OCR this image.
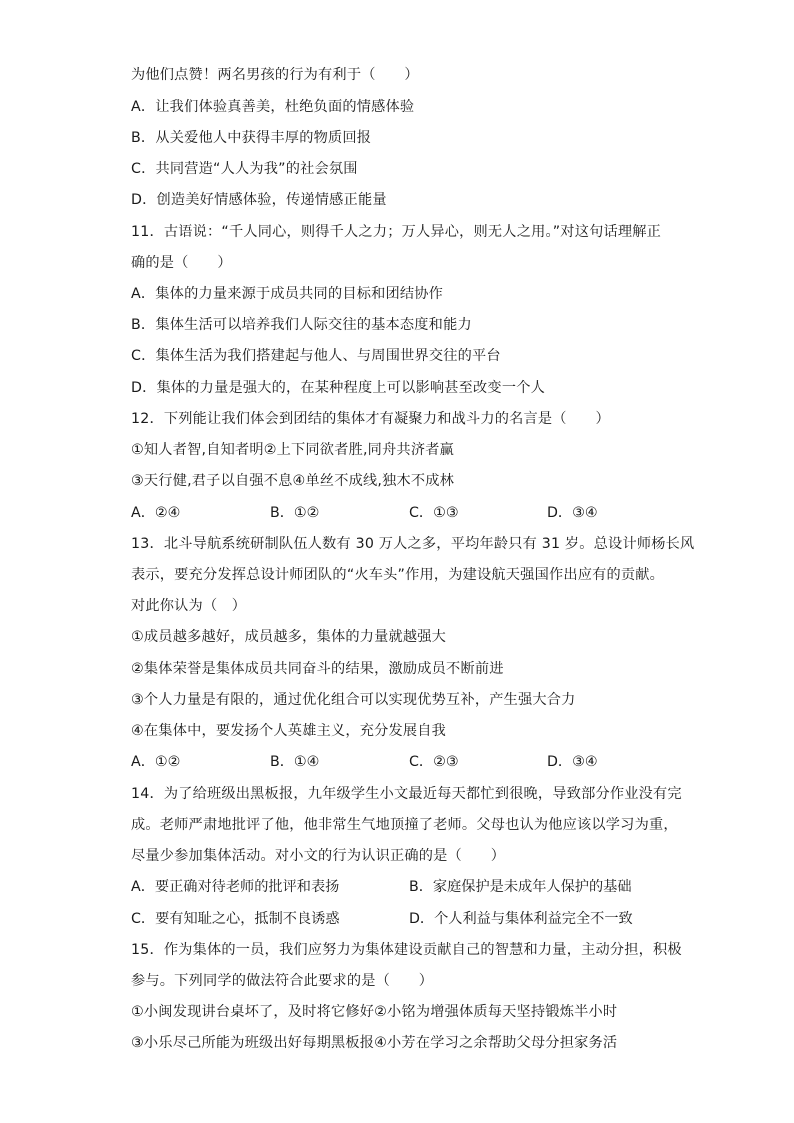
为他们点赞！两名男孩的行为有利于（　　）
A．让我们体验真善美，杜绝负面的情感体验
B．从关爱他人中获得丰厚的物质回报
C．共同营造“人人为我”的社会氛围
D．创造美好情感体验，传递情感正能量
11．古语说：“千人同心，则得千人之力；万人异心，则无人之用。”对这句话理解正
确的是（　　）
A．集体的力量来源于成员共同的目标和团结协作
B．集体生活可以培养我们人际交往的基本态度和能力
C．集体生活为我们搭建起与他人、与周围世界交往的平台
D．集体的力量是强大的，在某种程度上可以影响甚至改变一个人
12．下列能让我们体会到团结的集体才有凝聚力和战斗力的名言是（　　）
①知人者智,自知者明②上下同欲者胜,同舟共济者赢
③天行健,君子以自强不息④单丝不成线,独木不成林
A．②④	B．①②	C．①③	D．③④
13．北斗导航系统研制队伍人数有 30 万人之多，平均年龄只有 31 岁。总设计师杨长风
表示，要充分发挥总设计师团队的“火车头”作用，为建设航天强国作出应有的贡献。
对此你认为（　）
①成员越多越好，成员越多，集体的力量就越强大
②集体荣誉是集体成员共同奋斗的结果，激励成员不断前进
③个人力量是有限的，通过优化组合可以实现优势互补，产生强大合力
④在集体中，要发扬个人英雄主义，充分发展自我
A．①②	B．①④	C．②③	D．③④
14．为了给班级出黑板报，九年级学生小文最近每天都忙到很晚，导致部分作业没有完
成。老师严肃地批评了他，他非常生气地顶撞了老师。父母也认为他应该以学习为重，
尽量少参加集体活动。对小文的行为认识正确的是（　　）
A．要正确对待老师的批评和表扬	B．家庭保护是未成年人保护的基础
C．要有知耻之心，抵制不良诱惑	D．个人利益与集体利益完全不一致
15．作为集体的一员，我们应努力为集体建设贡献自己的智慧和力量，主动分担，积极
参与。下列同学的做法符合此要求的是（　　）
①小闽发现讲台桌坏了，及时将它修好②小铭为增强体质每天坚持锻炼半小时
③小乐尽己所能为班级出好每期黑板报④小芳在学习之余帮助父母分担家务活
